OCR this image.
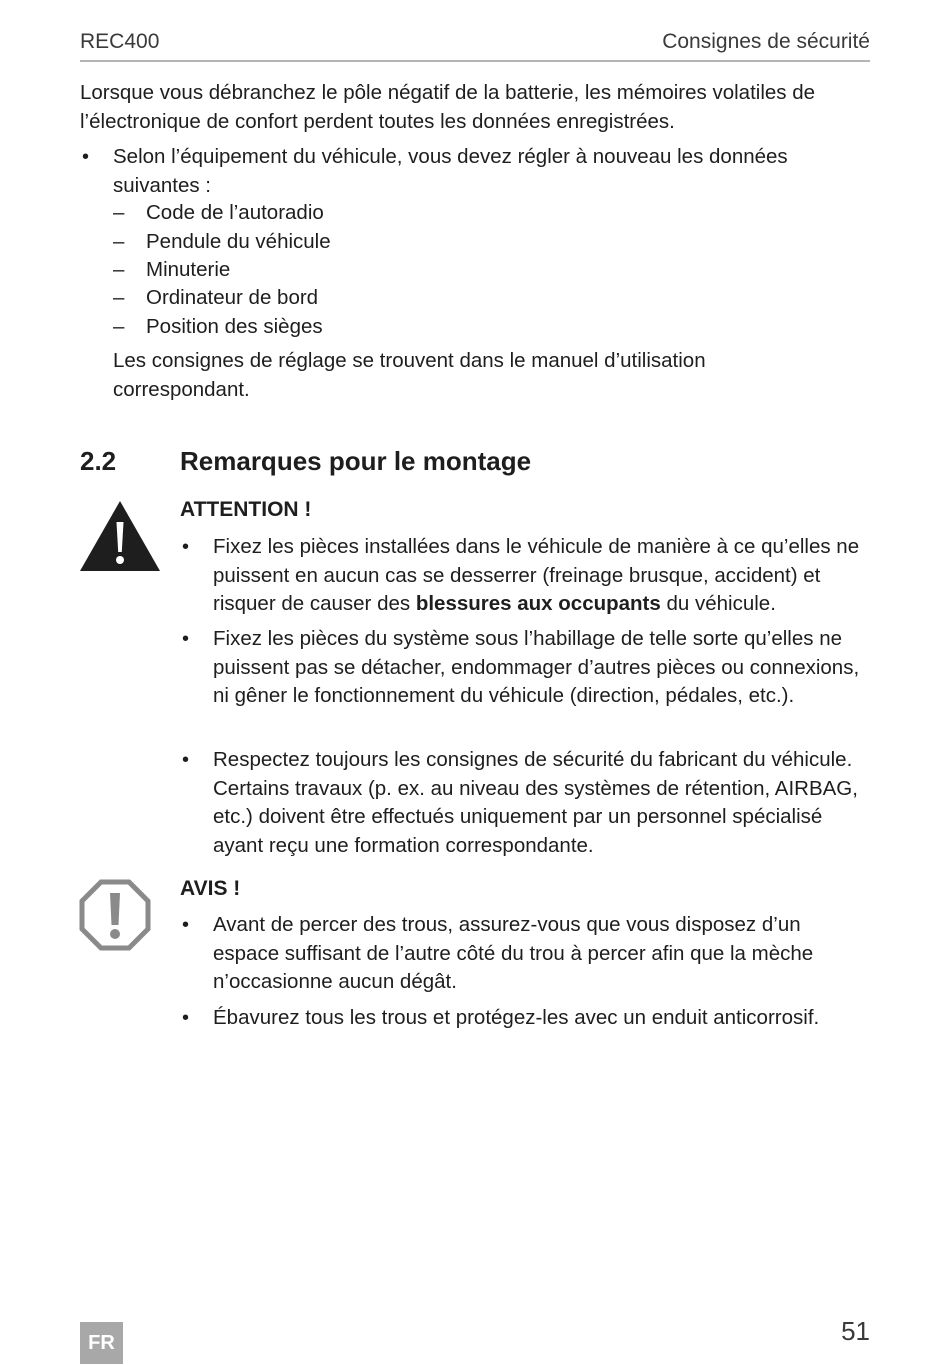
REC400	Consignes de sécurité

Lorsque vous débranchez le pôle négatif de la batterie, les mémoires volatiles de l’électronique de confort perdent toutes les données enregistrées.

• Selon l’équipement du véhicule, vous devez régler à nouveau les données suivantes :

– Code de l’autoradio
– Pendule du véhicule
– Minuterie
– Ordinateur de bord
– Position des sièges

Les consignes de réglage se trouvent dans le manuel d’utilisation correspondant.

2.2 Remarques pour le montage
ATTENTION !
• Fixez les pièces installées dans le véhicule de manière à ce qu’elles ne puissent en aucun cas se desserrer (freinage brusque, accident) et risquer de causer des blessures aux occupants du véhicule.

• Fixez les pièces du système sous l’habillage de telle sorte qu’elles ne puissent pas se détacher, endommager d’autres pièces ou connexions, ni gêner le fonctionnement du véhicule (direction, pédales, etc.).

• Respectez toujours les consignes de sécurité du fabricant du véhicule. Certains travaux (p. ex. au niveau des systèmes de rétention, AIRBAG, etc.) doivent être effectués uniquement par un personnel spécialisé ayant reçu une formation correspondante.

AVIS !
• Avant de percer des trous, assurez-vous que vous disposez d’un espace suffisant de l’autre côté du trou à percer afin que la mèche n’occasionne aucun dégât.

• Ébavurez tous les trous et protégez-les avec un enduit anticorrosif.

FR	51
